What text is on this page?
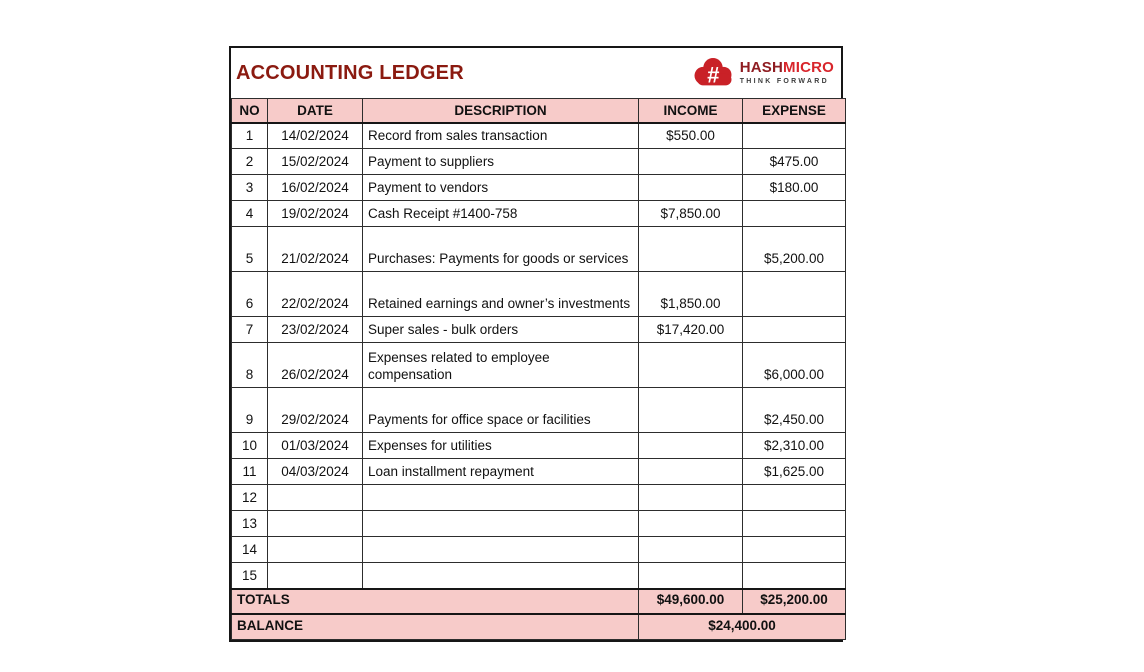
ACCOUNTING LEDGER	# HASHMICRO
THINK FORWARD
NO	DATE	DESCRIPTION	INCOME	EXPENSE
1	14/02/2024	Record from sales transaction	$550.00	
2	15/02/2024	Payment to suppliers		$475.00
3	16/02/2024	Payment to vendors		$180.00
4	19/02/2024	Cash Receipt #1400-758	$7,850.00	
5	21/02/2024	Purchases: Payments for goods or services		$5,200.00
6	22/02/2024	Retained earnings and owner’s investments	$1,850.00	
7	23/02/2024	Super sales - bulk orders	$17,420.00	
8	26/02/2024	Expenses related to employee compensation		$6,000.00
9	29/02/2024	Payments for office space or facilities		$2,450.00
10	01/03/2024	Expenses for utilities		$2,310.00
11	04/03/2024	Loan installment repayment		$1,625.00
12				
13				
14				
15				
TOTALS			$49,600.00	$25,200.00
BALANCE			$24,400.00	
